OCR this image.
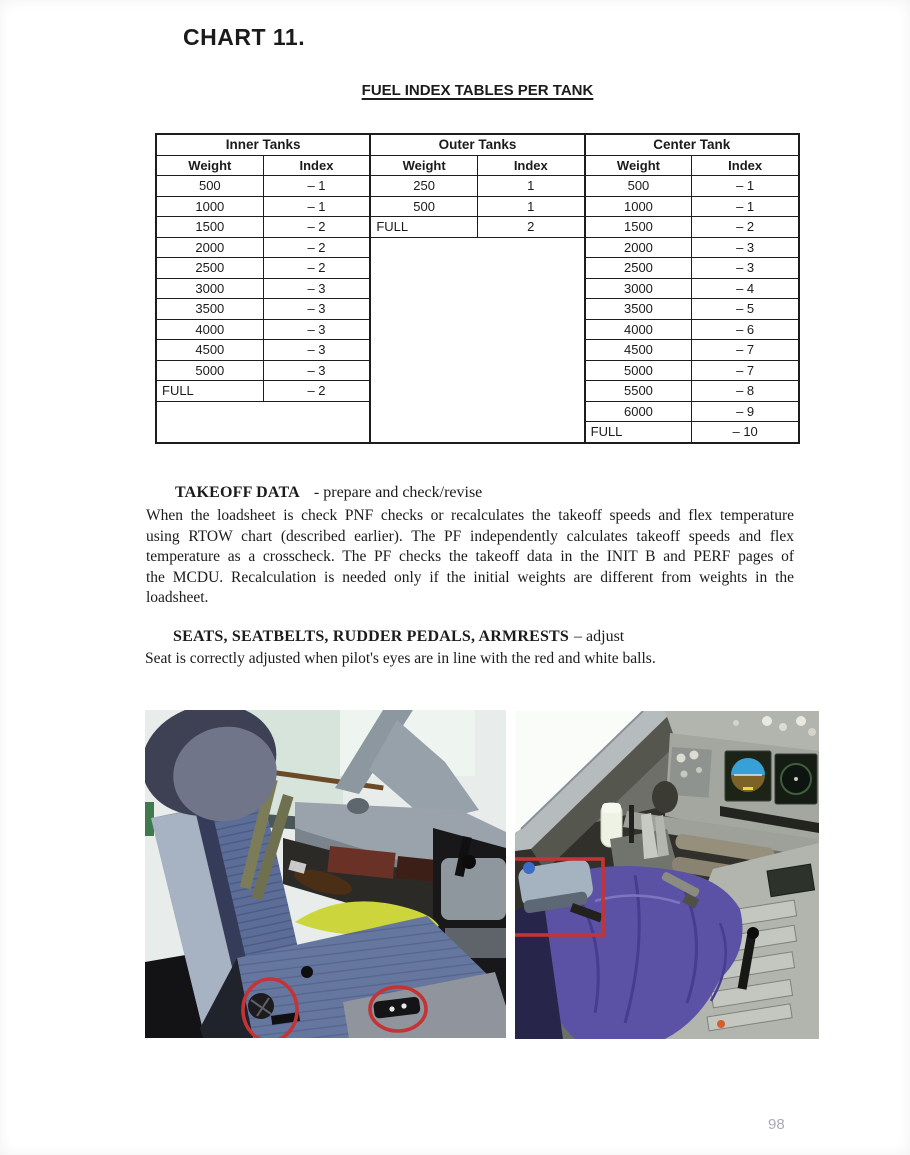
CHART 11.
FUEL INDEX TABLES PER TANK
Inner Tanks		Outer Tanks		Center Tank	
Weight	Index	Weight	Index	Weight	Index
500	– 1	250	1	500	– 1
1000	– 1	500	1	1000	– 1
1500	– 2	FULL	2	1500	– 2
2000	– 2			2000	– 3
2500	– 2			2500	– 3
3000	– 3			3000	– 4
3500	– 3			3500	– 5
4000	– 3			4000	– 6
4500	– 3			4500	– 7
5000	– 3			5000	– 7
FULL	– 2			5500	– 8
				6000	– 9
				FULL	– 10
TAKEOFF DATA - prepare and check/revise
When the loadsheet is check PNF checks or recalculates the takeoff speeds and flex temperature using RTOW chart (described earlier). The PF independently calculates takeoff speeds and flex temperature as a crosscheck. The PF checks the takeoff data in the INIT B and PERF pages of the MCDU. Recalculation is needed only if the initial weights are different from weights in the loadsheet.
SEATS, SEATBELTS, RUDDER PEDALS, ARMRESTS – adjust
Seat is correctly adjusted when pilot's eyes are in line with the red and white balls.
98
